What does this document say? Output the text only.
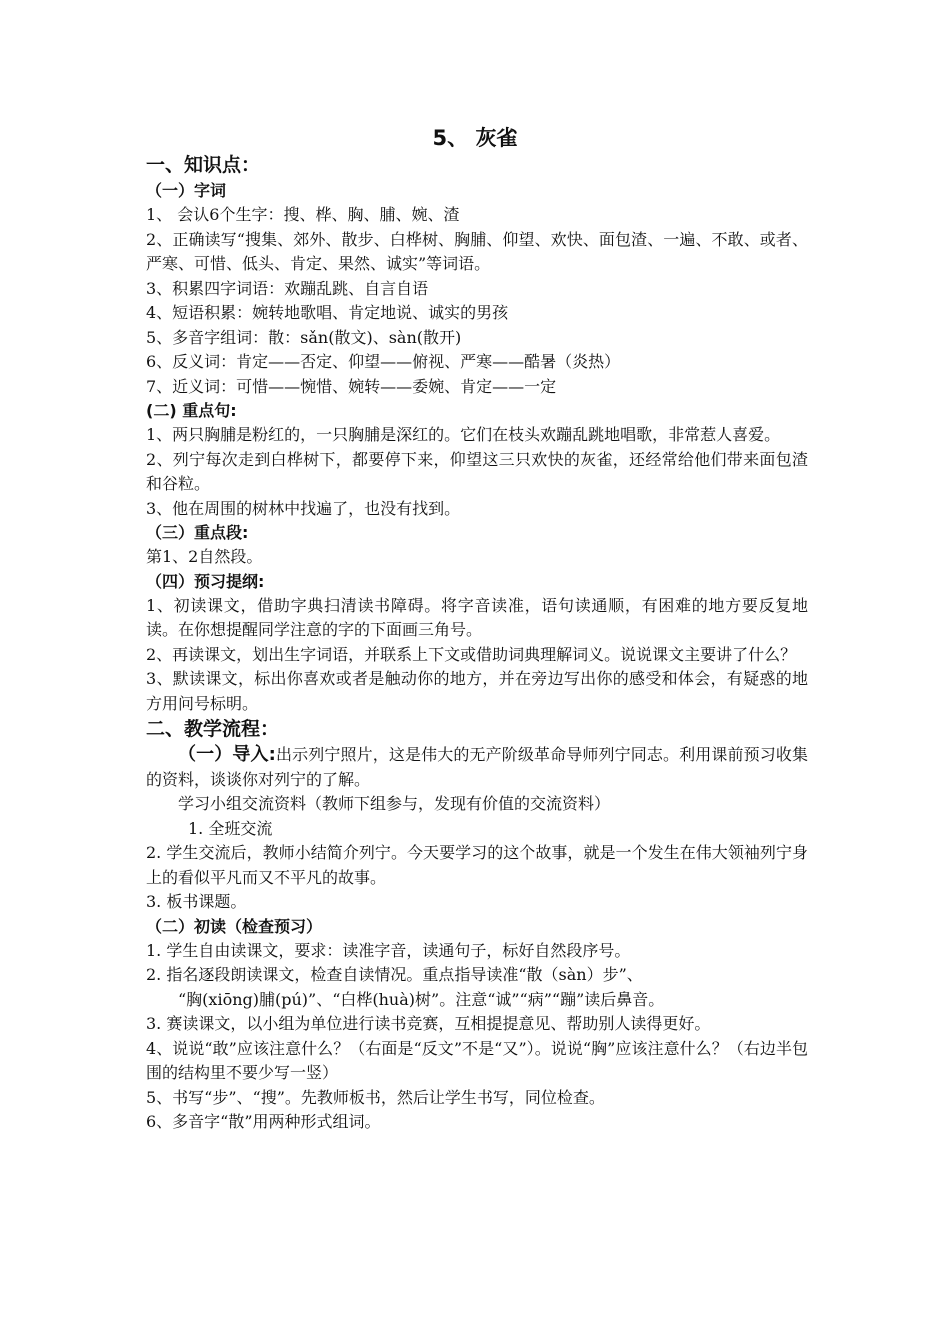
5、 灰雀
一、知识点：
（一）字词
1、 会认6个生字：搜、桦、胸、脯、婉、渣
2、正确读写“搜集、郊外、散步、白桦树、胸脯、仰望、欢快、面包渣、一遍、不敢、或者、严寒、可惜、低头、肯定、果然、诚实”等词语。
3、积累四字词语：欢蹦乱跳、自言自语
4、短语积累：婉转地歌唱、肯定地说、诚实的男孩
5、多音字组词：散：sǎn(散文)、sàn(散开)
6、反义词：肯定——否定、仰望——俯视、严寒——酷暑（炎热）
7、近义词：可惜——惋惜、婉转——委婉、肯定——一定
(二) 重点句:
1、两只胸脯是粉红的，一只胸脯是深红的。它们在枝头欢蹦乱跳地唱歌，非常惹人喜爱。
2、列宁每次走到白桦树下，都要停下来，仰望这三只欢快的灰雀，还经常给他们带来面包渣和谷粒。
3、他在周围的树林中找遍了，也没有找到。
（三）重点段:
第1、2自然段。
（四）预习提纲:
1、初读课文，借助字典扫清读书障碍。将字音读准，语句读通顺，有困难的地方要反复地读。在你想提醒同学注意的字的下面画三角号。
2、再读课文，划出生字词语，并联系上下文或借助词典理解词义。说说课文主要讲了什么？
3、默读课文，标出你喜欢或者是触动你的地方，并在旁边写出你的感受和体会，有疑惑的地方用问号标明。
二、教学流程：
（一）导入:出示列宁照片，这是伟大的无产阶级革命导师列宁同志。利用课前预习收集的资料，谈谈你对列宁的了解。
学习小组交流资料（教师下组参与，发现有价值的交流资料）
1. 全班交流
2. 学生交流后，教师小结简介列宁。今天要学习的这个故事，就是一个发生在伟大领袖列宁身上的看似平凡而又不平凡的故事。
3. 板书课题。
（二）初读（检查预习）
1. 学生自由读课文，要求：读准字音，读通句子，标好自然段序号。
2. 指名逐段朗读课文，检查自读情况。重点指导读准“散（sàn）步”、
“胸(xiōng)脯(pú)”、“白桦(huà)树”。注意“诚”“病”“蹦”读后鼻音。
3. 赛读课文，以小组为单位进行读书竞赛，互相提提意见、帮助别人读得更好。
4、说说“敢”应该注意什么？（右面是“反文”不是“又”）。说说“胸”应该注意什么？（右边半包围的结构里不要少写一竖）
5、书写“步”、“搜”。先教师板书，然后让学生书写，同位检查。
6、多音字“散”用两种形式组词。
